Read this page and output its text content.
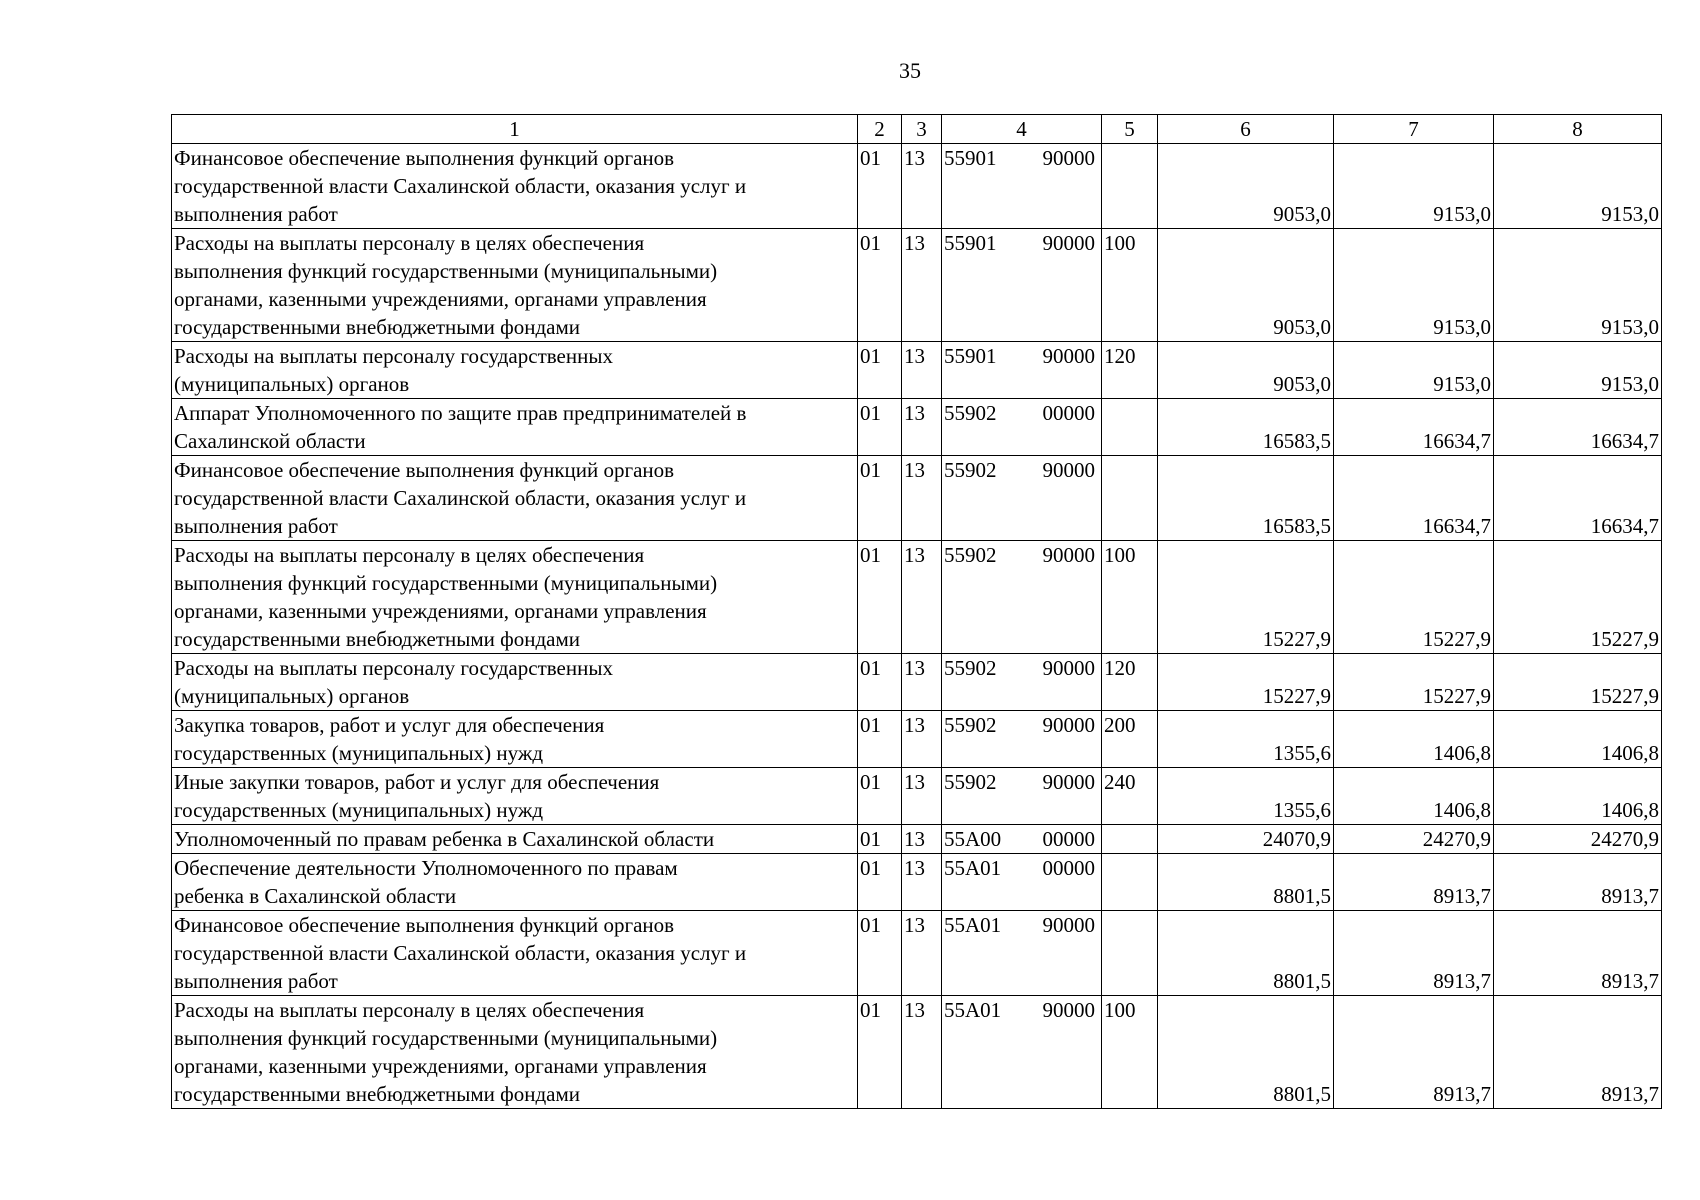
35
1	2	3	4	5	6	7	8
Финансовое обеспечение выполнения функций органов
государственной власти Сахалинской области, оказания услуг и
выполнения работ	01	13	55901 90000		9053,0	9153,0	9153,0
Расходы на выплаты персоналу в целях обеспечения
выполнения функций государственными (муниципальными)
органами, казенными учреждениями, органами управления
государственными внебюджетными фондами	01	13	55901 90000	100	9053,0	9153,0	9153,0
Расходы на выплаты персоналу государственных
(муниципальных) органов	01	13	55901 90000	120	9053,0	9153,0	9153,0
Аппарат Уполномоченного по защите прав предпринимателей в
Сахалинской области	01	13	55902 00000		16583,5	16634,7	16634,7
Финансовое обеспечение выполнения функций органов
государственной власти Сахалинской области, оказания услуг и
выполнения работ	01	13	55902 90000		16583,5	16634,7	16634,7
Расходы на выплаты персоналу в целях обеспечения
выполнения функций государственными (муниципальными)
органами, казенными учреждениями, органами управления
государственными внебюджетными фондами	01	13	55902 90000	100	15227,9	15227,9	15227,9
Расходы на выплаты персоналу государственных
(муниципальных) органов	01	13	55902 90000	120	15227,9	15227,9	15227,9
Закупка товаров, работ и услуг для обеспечения
государственных (муниципальных) нужд	01	13	55902 90000	200	1355,6	1406,8	1406,8
Иные закупки товаров, работ и услуг для обеспечения
государственных (муниципальных) нужд	01	13	55902 90000	240	1355,6	1406,8	1406,8
Уполномоченный по правам ребенка в Сахалинской области	01	13	55А00 00000		24070,9	24270,9	24270,9
Обеспечение деятельности Уполномоченного по правам
ребенка в Сахалинской области	01	13	55А01 00000		8801,5	8913,7	8913,7
Финансовое обеспечение выполнения функций органов
государственной власти Сахалинской области, оказания услуг и
выполнения работ	01	13	55А01 90000		8801,5	8913,7	8913,7
Расходы на выплаты персоналу в целях обеспечения
выполнения функций государственными (муниципальными)
органами, казенными учреждениями, органами управления
государственными внебюджетными фондами	01	13	55А01 90000	100	8801,5	8913,7	8913,7
